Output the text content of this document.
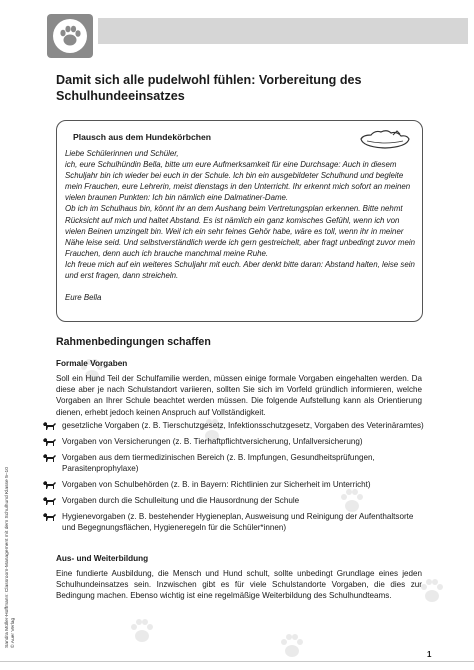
Damit sich alle pudelwohl fühlen: Vorbereitung des Schulhundeeinsatzes
Plausch aus dem Hundekörbchen

Liebe Schülerinnen und Schüler,

ich, eure Schulhündin Bella, bitte um eure Aufmerksamkeit für eine Durchsage: Auch in diesem Schuljahr bin ich wieder bei euch in der Schule. Ich bin ein ausgebildeter Schulhund und begleite mein Frauchen, eure Lehrerin, meist dienstags in den Unterricht. Ihr erkennt mich sofort an meinen vielen braunen Punkten: Ich bin nämlich eine Dalmatiner-Dame.

Ob ich im Schulhaus bin, könnt ihr an dem Aushang beim Vertretungsplan erkennen. Bitte nehmt Rücksicht auf mich und haltet Abstand. Es ist nämlich ein ganz komisches Gefühl, wenn ich von vielen Beinen umzingelt bin. Weil ich ein sehr feines Gehör habe, wäre es toll, wenn ihr in meiner Nähe leise seid. Und selbstverständlich werde ich gern gestreichelt, aber fragt unbedingt zuvor mein Frauchen, denn auch ich brauche manchmal meine Ruhe.

Ich freue mich auf ein weiteres Schuljahr mit euch. Aber denkt bitte daran: Abstand halten, leise sein und erst fragen, dann streicheln.

Eure Bella

Rahmenbedingungen schaffen
Formale Vorgaben

Soll ein Hund Teil der Schulfamilie werden, müssen einige formale Vorgaben eingehalten werden. Da diese aber je nach Schulstandort variieren, sollten Sie sich im Vorfeld gründlich informieren, welche Vorgaben an Ihrer Schule beachtet werden müssen. Die folgende Aufstellung kann als Orientierung dienen, erhebt jedoch keinen Anspruch auf Vollständigkeit.

gesetzliche Vorgaben (z. B. Tierschutzgesetz, Infektionsschutzgesetz, Vorgaben des Veterinäramtes)
Vorgaben von Versicherungen (z. B. Tierhaftpflichtversicherung, Unfallversicherung)
Vorgaben aus dem tiermedizinischen Bereich (z. B. Impfungen, Gesundheitsprüfungen, Parasitenprophylaxe)
Vorgaben von Schulbehörden (z. B. in Bayern: Richtlinien zur Sicherheit im Unterricht)
Vorgaben durch die Schulleitung und die Hausordnung der Schule
Hygienevorgaben (z. B. bestehender Hygieneplan, Ausweisung und Reinigung der Aufenthaltsorte und Begegnungsflächen, Hygieneregeln für die Schüler*innen)
Aus- und Weiterbildung

Eine fundierte Ausbildung, die Mensch und Hund schult, sollte unbedingt Grundlage eines jeden Schulhundeinsatzes sein. Inzwischen gibt es für viele Schulstandorte Vorgaben, die dies zur Bedingung machen. Ebenso wichtig ist eine regelmäßige Weiterbildung des Schulhundteams.

Sandra Müller-Hoffmann: Classroom-Management mit dem Schulhund Klasse 5–10 © Auer Verlag
1
